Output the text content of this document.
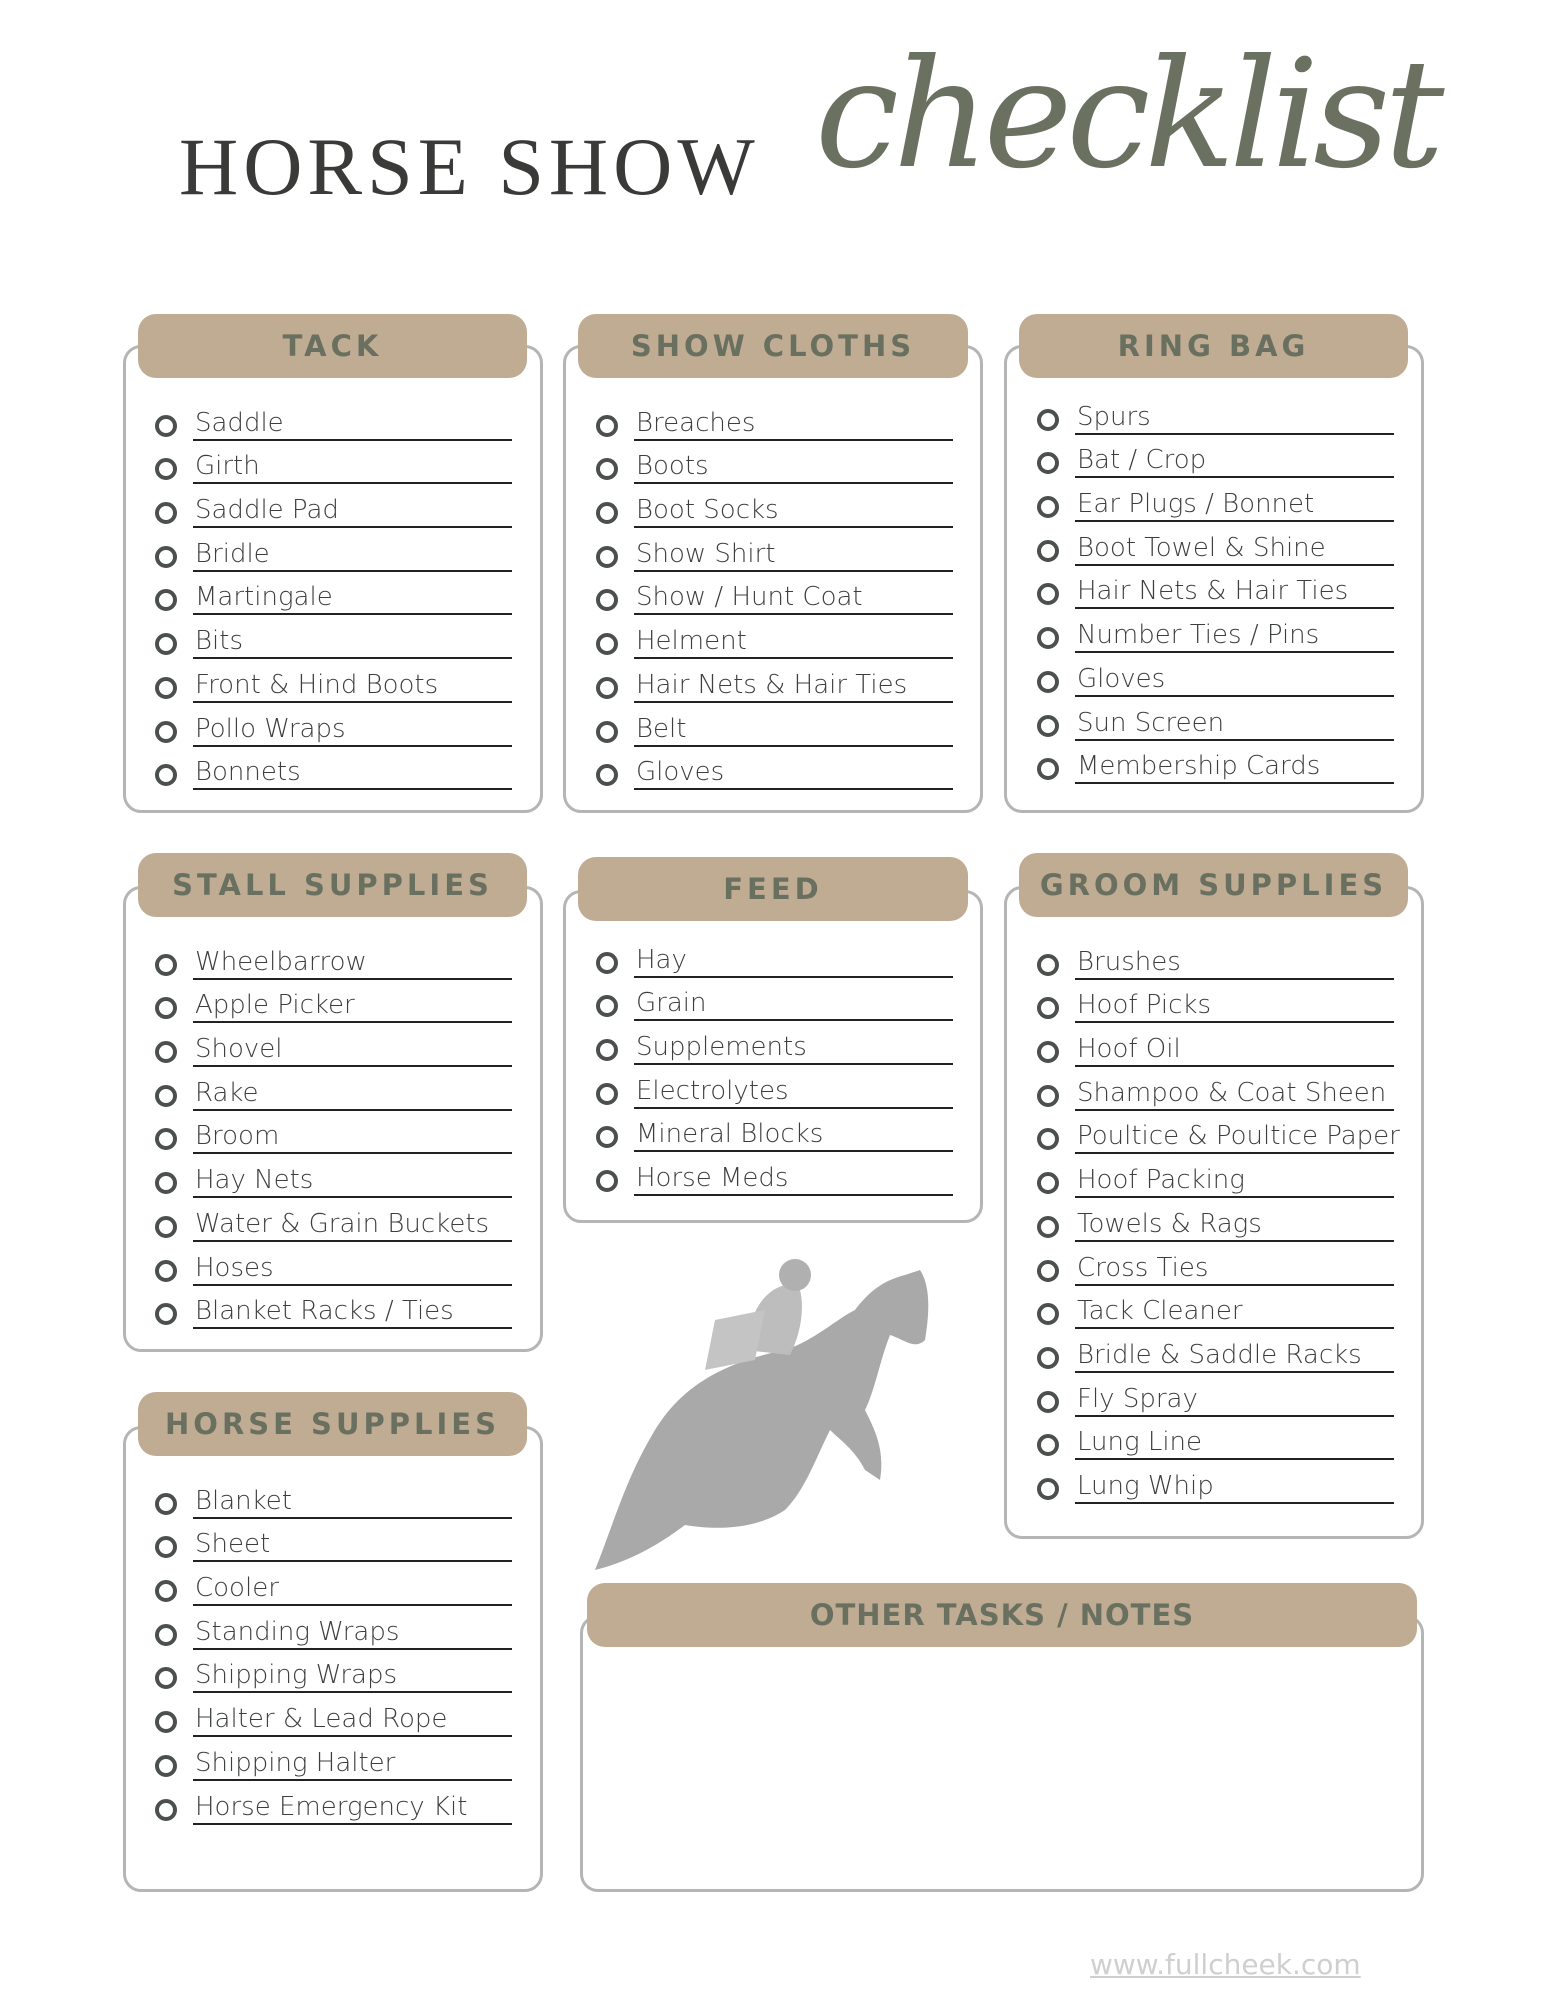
HORSE SHOW checklist
TACK
Saddle
Girth
Saddle Pad
Bridle
Martingale
Bits
Front & Hind Boots
Pollo Wraps
Bonnets
SHOW CLOTHS
Breaches
Boots
Boot Socks
Show Shirt
Show / Hunt Coat
Helment
Hair Nets & Hair Ties
Belt
Gloves
RING BAG
Spurs
Bat / Crop
Ear Plugs / Bonnet
Boot Towel & Shine
Hair Nets & Hair Ties
Number Ties / Pins
Gloves
Sun Screen
Membership Cards
STALL SUPPLIES
Wheelbarrow
Apple Picker
Shovel
Rake
Broom
Hay Nets
Water & Grain Buckets
Hoses
Blanket Racks / Ties
FEED
Hay
Grain
Supplements
Electrolytes
Mineral Blocks
Horse Meds
GROOM SUPPLIES
Brushes
Hoof Picks
Hoof Oil
Shampoo & Coat Sheen
Poultice & Poultice Paper
Hoof Packing
Towels & Rags
Cross Ties
Tack Cleaner
Bridle & Saddle Racks
Fly Spray
Lung Line
Lung Whip
HORSE SUPPLIES
Blanket
Sheet
Cooler
Standing Wraps
Shipping Wraps
Halter & Lead Rope
Shipping Halter
Horse Emergency Kit
OTHER TASKS / NOTES
www.fullcheek.com
